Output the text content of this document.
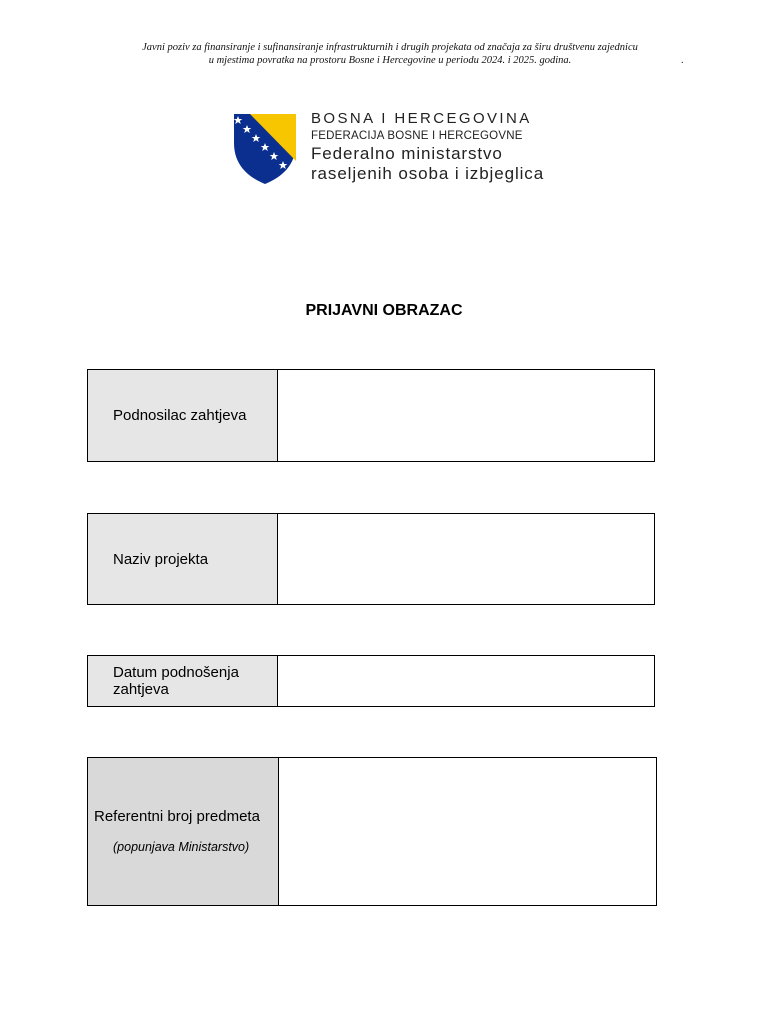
Javni poziv za finansiranje i sufinansiranje infrastrukturnih i drugih projekata od značaja za širu društvenu zajednicu
u mjestima povratka na prostoru Bosne i Hercegovine u periodu 2024. i 2025. godina.	.
BOSNA I HERCEGOVINA
FEDERACIJA BOSNE I HERCEGOVNE
Federalno ministarstvo
raseljenih osoba i izbjeglica
PRIJAVNI OBRAZAC
Podnosilac zahtjeva
Naziv projekta
Datum podnošenja zahtjeva
Referentni broj predmeta
(popunjava Ministarstvo)
